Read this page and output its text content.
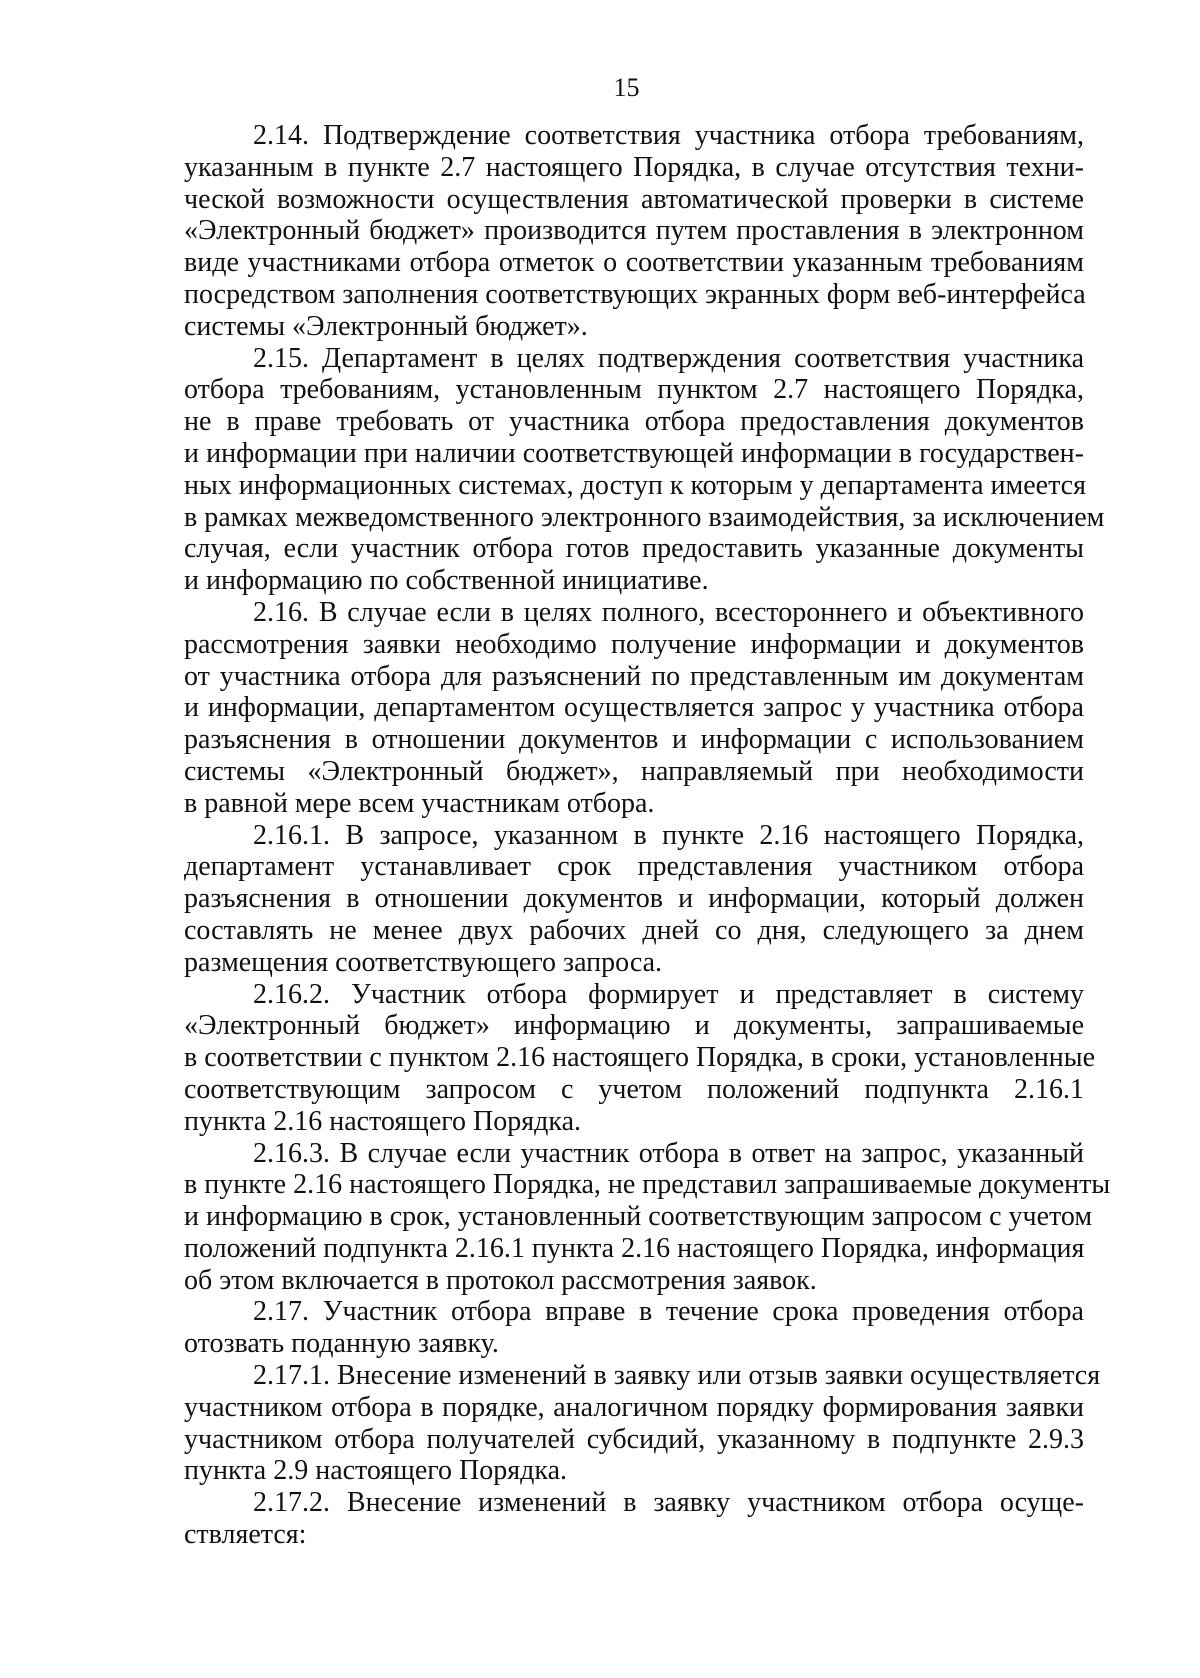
15
2.14. Подтверждение соответствия участника отбора требованиям,
указанным в пункте 2.7 настоящего Порядка, в случае отсутствия техни-
ческой возможности осуществления автоматической проверки в системе
«Электронный бюджет» производится путем проставления в электронном
виде участниками отбора отметок о соответствии указанным требованиям
посредством заполнения соответствующих экранных форм веб-интерфейса
системы «Электронный бюджет».
2.15. Департамент в целях подтверждения соответствия участника
отбора требованиям, установленным пунктом 2.7 настоящего Порядка,
не в праве требовать от участника отбора предоставления документов
и информации при наличии соответствующей информации в государствен-
ных информационных системах, доступ к которым у департамента имеется
в рамках межведомственного электронного взаимодействия, за исключением
случая, если участник отбора готов предоставить указанные документы
и информацию по собственной инициативе.
2.16. В случае если в целях полного, всестороннего и объективного
рассмотрения заявки необходимо получение информации и документов
от участника отбора для разъяснений по представленным им документам
и информации, департаментом осуществляется запрос у участника отбора
разъяснения в отношении документов и информации с использованием
системы «Электронный бюджет», направляемый при необходимости
в равной мере всем участникам отбора.
2.16.1. В запросе, указанном в пункте 2.16 настоящего Порядка,
департамент устанавливает срок представления участником отбора
разъяснения в отношении документов и информации, который должен
составлять не менее двух рабочих дней со дня, следующего за днем
размещения соответствующего запроса.
2.16.2. Участник отбора формирует и представляет в систему
«Электронный бюджет» информацию и документы, запрашиваемые
в соответствии с пунктом 2.16 настоящего Порядка, в сроки, установленные
соответствующим запросом с учетом положений подпункта 2.16.1
пункта 2.16 настоящего Порядка.
2.16.3. В случае если участник отбора в ответ на запрос, указанный
в пункте 2.16 настоящего Порядка, не представил запрашиваемые документы
и информацию в срок, установленный соответствующим запросом с учетом
положений подпункта 2.16.1 пункта 2.16 настоящего Порядка, информация
об этом включается в протокол рассмотрения заявок.
2.17. Участник отбора вправе в течение срока проведения отбора
отозвать поданную заявку.
2.17.1. Внесение изменений в заявку или отзыв заявки осуществляется
участником отбора в порядке, аналогичном порядку формирования заявки
участником отбора получателей субсидий, указанному в подпункте 2.9.3
пункта 2.9 настоящего Порядка.
2.17.2. Внесение изменений в заявку участником отбора осуще-
ствляется:
